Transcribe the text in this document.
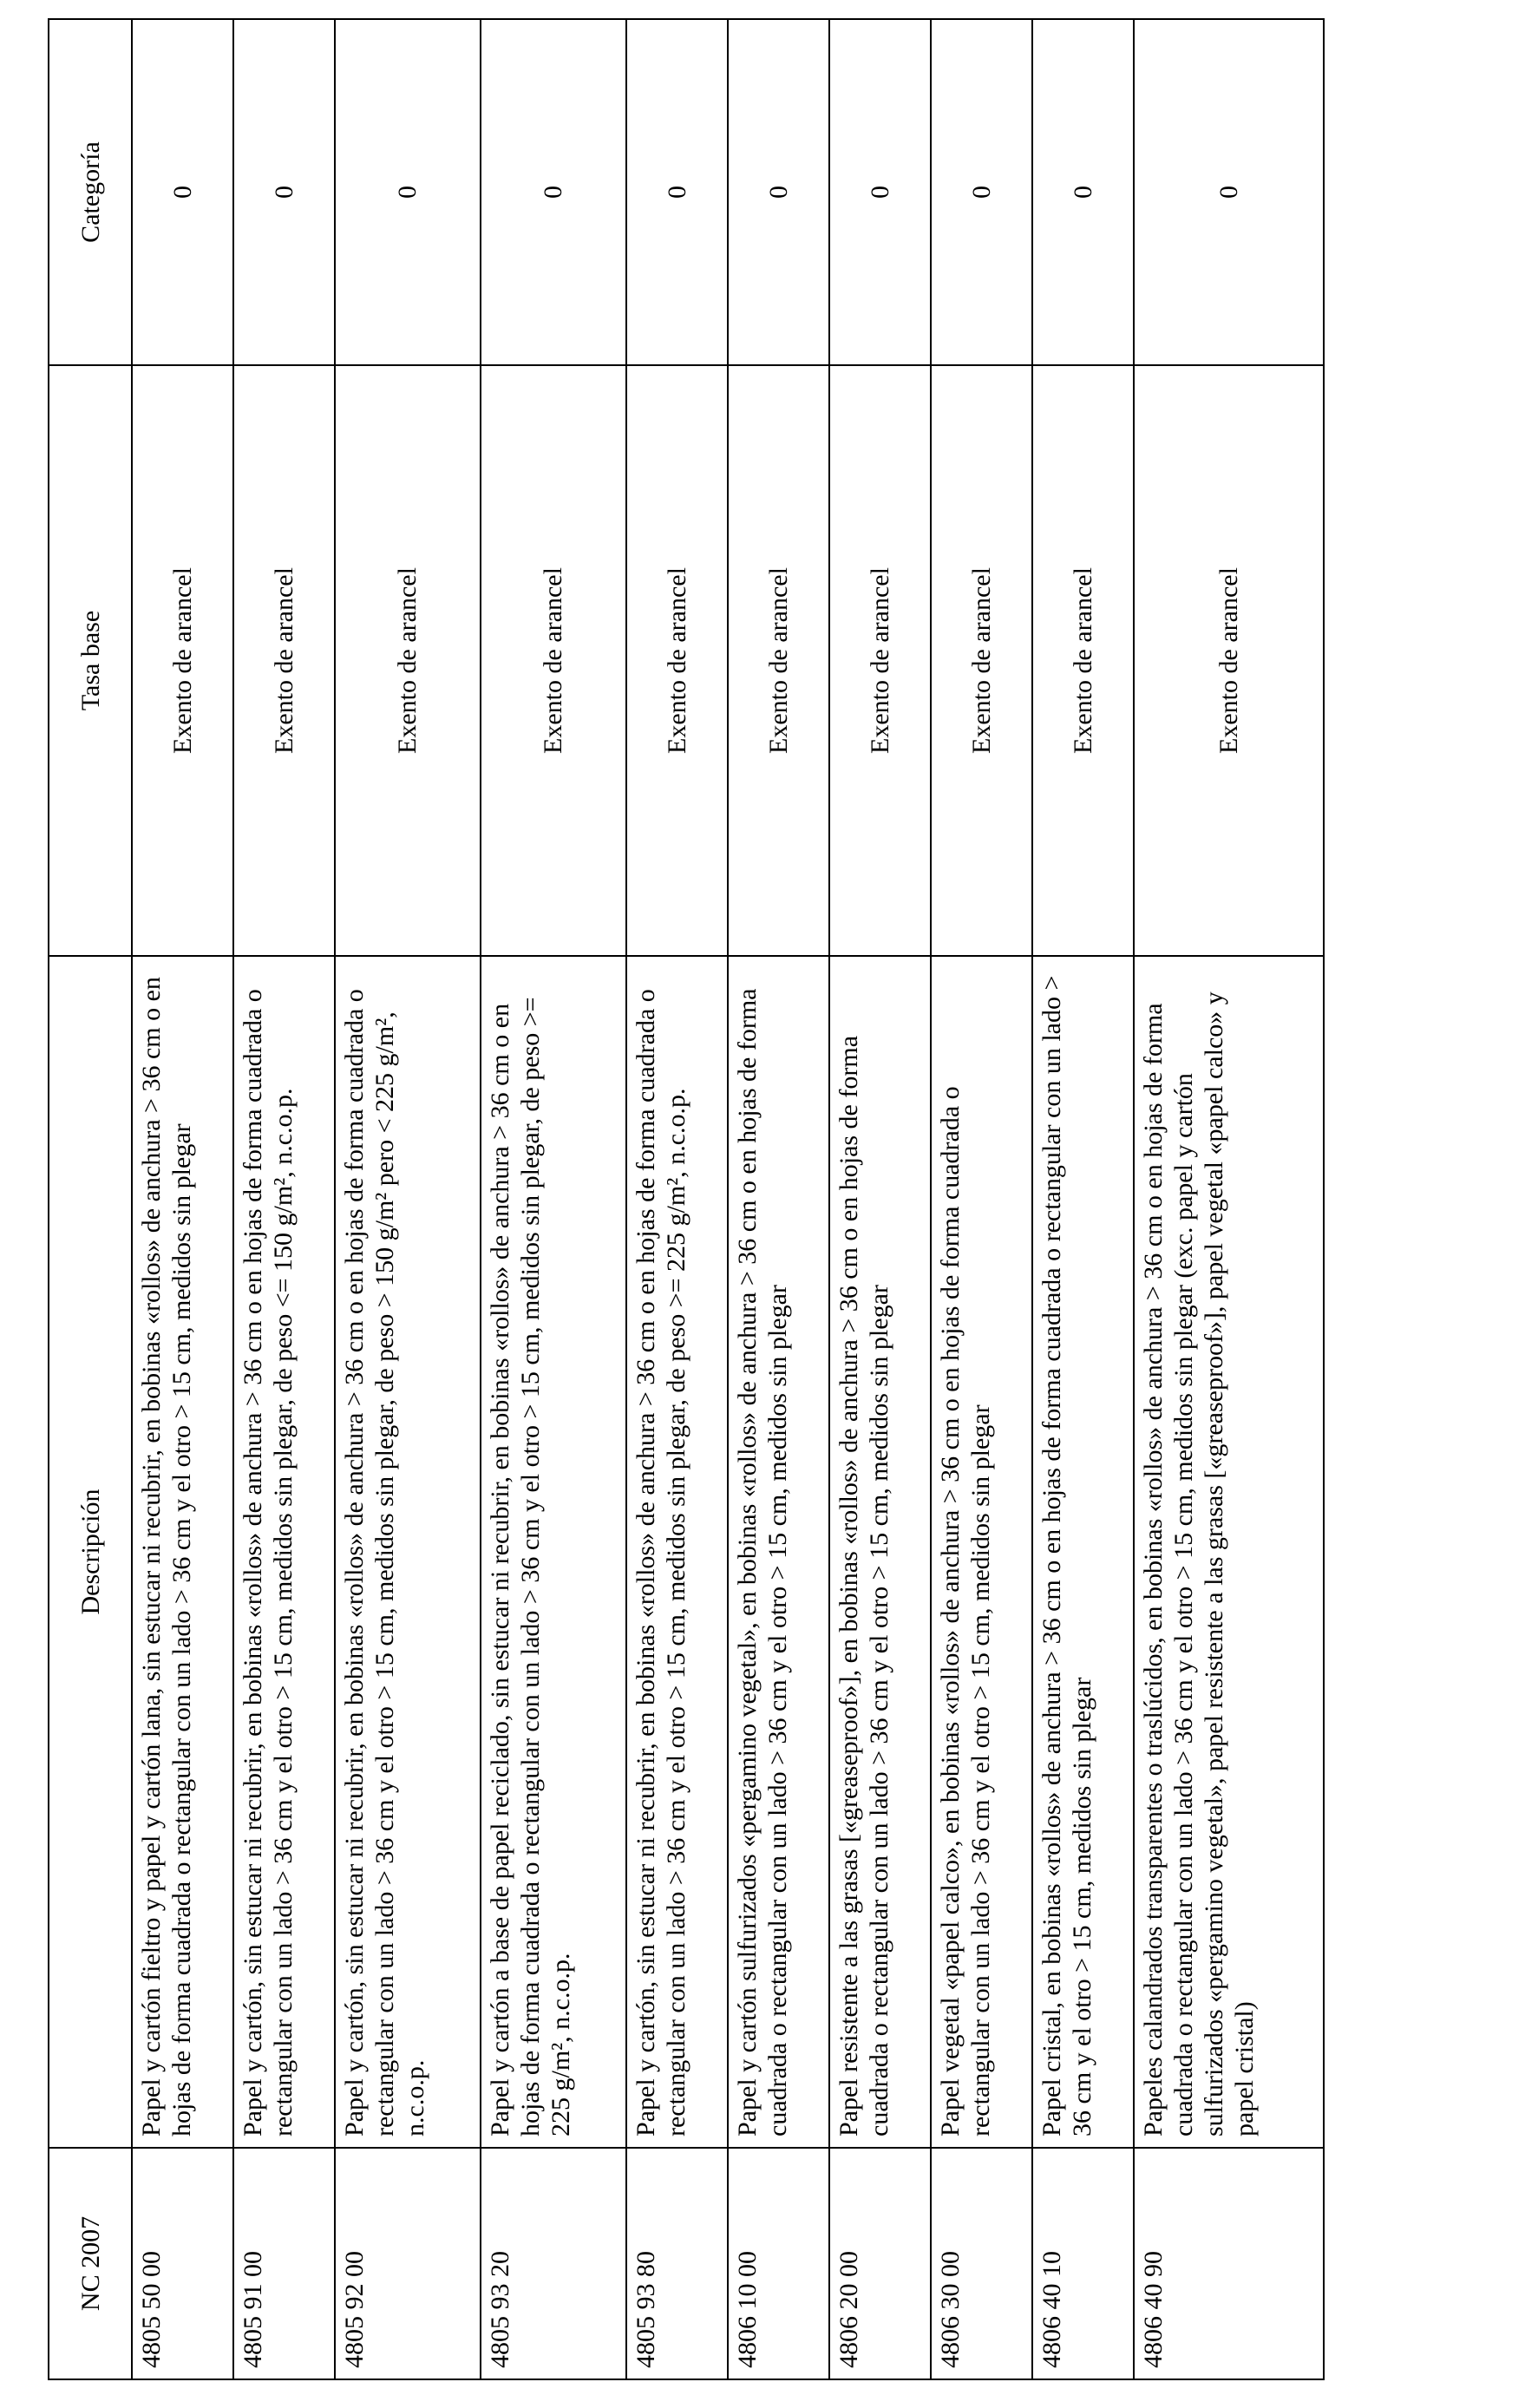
NC 2007	Descripción	Tasa base	Categoría
4805 50 00	Papel y cartón fieltro y papel y cartón lana, sin estucar ni recubrir, en bobinas «rollos» de anchura > 36 cm o en hojas de forma cuadrada o rectangular con un lado > 36 cm y el otro > 15 cm, medidos sin plegar	Exento de arancel	0
4805 91 00	Papel y cartón, sin estucar ni recubrir, en bobinas «rollos» de anchura > 36 cm o en hojas de forma cuadrada o rectangular con un lado > 36 cm y el otro > 15 cm, medidos sin plegar, de peso <= 150 g/m², n.c.o.p.	Exento de arancel	0
4805 92 00	Papel y cartón, sin estucar ni recubrir, en bobinas «rollos» de anchura > 36 cm o en hojas de forma cuadrada o rectangular con un lado > 36 cm y el otro > 15 cm, medidos sin plegar, de peso > 150 g/m² pero < 225 g/m², n.c.o.p.	Exento de arancel	0
4805 93 20	Papel y cartón a base de papel reciclado, sin estucar ni recubrir, en bobinas «rollos» de anchura > 36 cm o en hojas de forma cuadrada o rectangular con un lado > 36 cm y el otro > 15 cm, medidos sin plegar, de peso >= 225 g/m², n.c.o.p.	Exento de arancel	0
4805 93 80	Papel y cartón, sin estucar ni recubrir, en bobinas «rollos» de anchura > 36 cm o en hojas de forma cuadrada o rectangular con un lado > 36 cm y el otro > 15 cm, medidos sin plegar, de peso >= 225 g/m², n.c.o.p.	Exento de arancel	0
4806 10 00	Papel y cartón sulfurizados «pergamino vegetal», en bobinas «rollos» de anchura > 36 cm o en hojas de forma cuadrada o rectangular con un lado > 36 cm y el otro > 15 cm, medidos sin plegar	Exento de arancel	0
4806 20 00	Papel resistente a las grasas [«greaseproof»], en bobinas «rollos» de anchura > 36 cm o en hojas de forma cuadrada o rectangular con un lado > 36 cm y el otro > 15 cm, medidos sin plegar	Exento de arancel	0
4806 30 00	Papel vegetal «papel calco», en bobinas «rollos» de anchura > 36 cm o en hojas de forma cuadrada o rectangular con un lado > 36 cm y el otro > 15 cm, medidos sin plegar	Exento de arancel	0
4806 40 10	Papel cristal, en bobinas «rollos» de anchura > 36 cm o en hojas de forma cuadrada o rectangular con un lado > 36 cm y el otro > 15 cm, medidos sin plegar	Exento de arancel	0
4806 40 90	Papeles calandrados transparentes o traslúcidos, en bobinas «rollos» de anchura > 36 cm o en hojas de forma cuadrada o rectangular con un lado > 36 cm y el otro > 15 cm, medidos sin plegar (exc. papel y cartón sulfurizados «pergamino vegetal», papel resistente a las grasas [«greaseproof»], papel vegetal «papel calco» y papel cristal)	Exento de arancel	0
